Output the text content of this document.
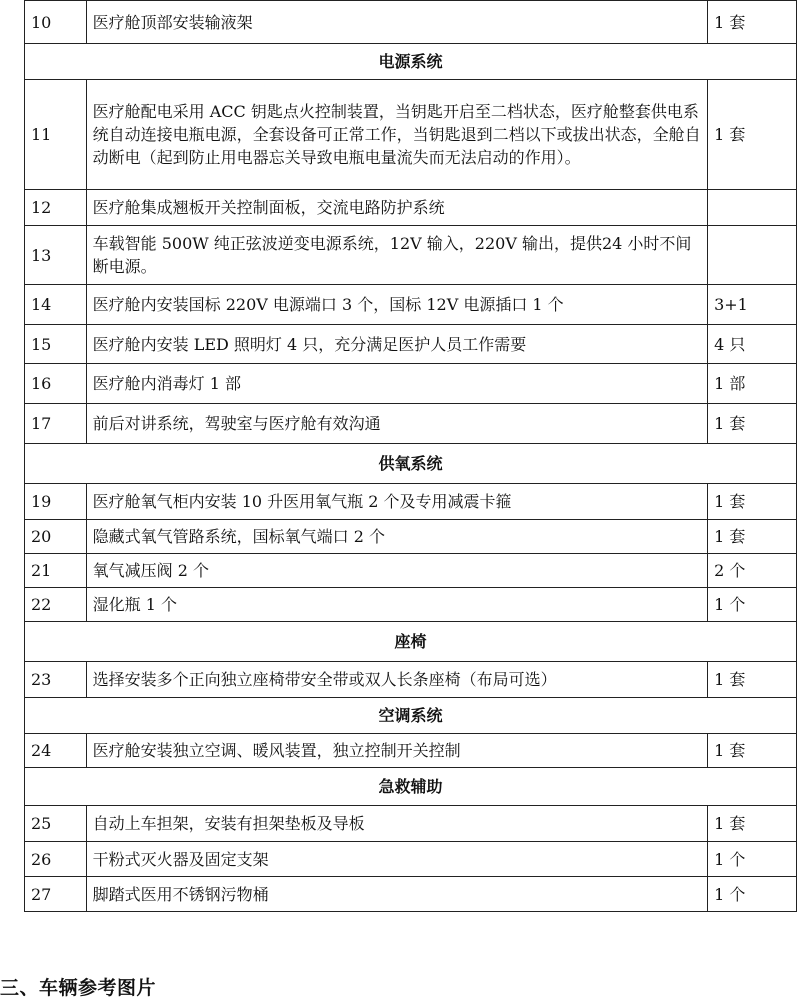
10	医疗舱顶部安装输液架	1 套
电源系统		
11	医疗舱配电采用 ACC 钥匙点火控制装置，当钥匙开启至二档状态，医疗舱整套供电系统自动连接电瓶电源，全套设备可正常工作，当钥匙退到二档以下或拔出状态，全舱自动断电（起到防止用电器忘关导致电瓶电量流失而无法启动的作用）。	1 套
12	医疗舱集成翘板开关控制面板，交流电路防护系统	
13	车载智能 500W 纯正弦波逆变电源系统，12V 输入，220V 输出，提供24 小时不间断电源。	
14	医疗舱内安装国标 220V 电源端口 3 个，国标 12V 电源插口 1 个	3+1
15	医疗舱内安装 LED 照明灯 4 只，充分满足医护人员工作需要	4 只
16	医疗舱内消毒灯 1 部	1 部
17	前后对讲系统，驾驶室与医疗舱有效沟通	1 套
供氧系统		
19	医疗舱氧气柜内安装 10 升医用氧气瓶 2 个及专用减震卡箍	1 套
20	隐藏式氧气管路系统，国标氧气端口 2 个	1 套
21	氧气减压阀 2 个	2 个
22	湿化瓶 1 个	1 个
座椅		
23	选择安装多个正向独立座椅带安全带或双人长条座椅（布局可选）	1 套
空调系统		
24	医疗舱安装独立空调、暖风装置，独立控制开关控制	1 套
急救辅助		
25	自动上车担架，安装有担架垫板及导板	1 套
26	干粉式灭火器及固定支架	1 个
27	脚踏式医用不锈钢污物桶	1 个
三、车辆参考图片
